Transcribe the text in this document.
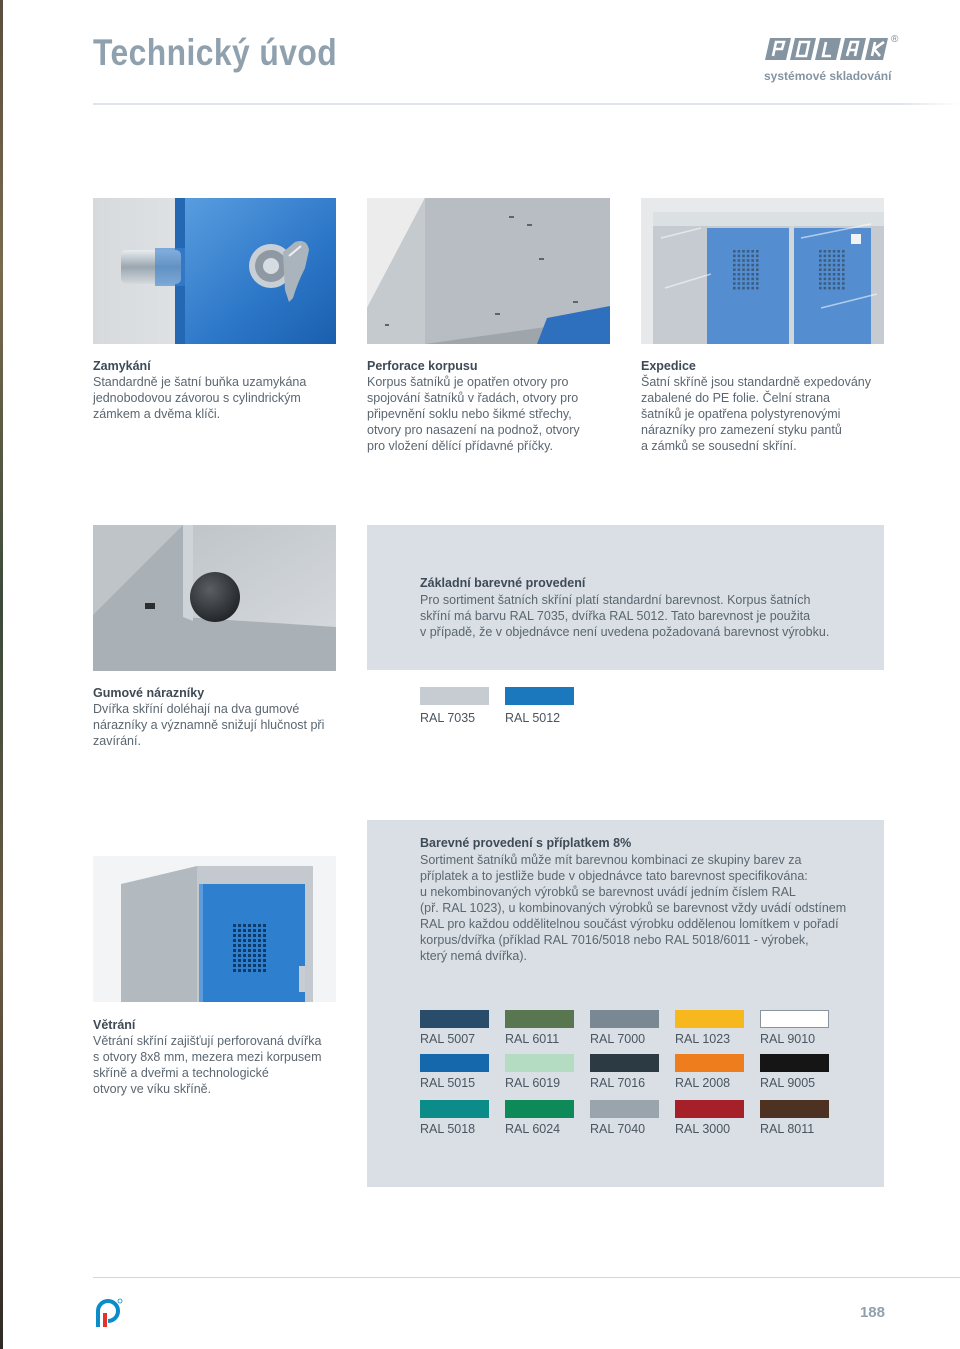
Technický úvod	®
systémové skladování
Zamykání
Standardně je šatní buňka uzamykána
jednobodovou závorou s cylindrickým
zámkem a dvěma klíči.
Perforace korpusu
Korpus šatníků je opatřen otvory pro
spojování šatníků v řadách, otvory pro
připevnění soklu nebo šikmé střechy,
otvory pro nasazení na podnož, otvory
pro vložení dělící přídavné příčky.
Expedice
Šatní skříně jsou standardně expedovány
zabalené do PE folie. Čelní strana
šatníků je opatřena polystyrenovými
nárazníky pro zamezení styku pantů
a zámků se sousední skříní.
Gumové nárazníky
Dvířka skříní doléhají na dva gumové
nárazníky a významně snižují hlučnost při
zavírání.
Základní barevné provedení
Pro sortiment šatních skříní platí standardní barevnost. Korpus šatních
skříní má barvu RAL 7035, dvířka RAL 5012. Tato barevnost je použita
v případě, že v objednávce není uvedena požadovaná barevnost výrobku.
RAL 7035 RAL 5012
Větrání
Větrání skříní zajišťují perforovaná dvířka
s otvory 8x8 mm, mezera mezi korpusem
skříně a dveřmi a technologické
otvory ve víku skříně.
Barevné provedení s příplatkem 8%
Sortiment šatníků může mít barevnou kombinaci ze skupiny barev za
příplatek a to jestliže bude v objednávce tato barevnost specifikována:
u nekombinovaných výrobků se barevnost uvádí jedním číslem RAL
(př. RAL 1023), u kombinovaných výrobků se barevnost vždy uvádí odstínem
RAL pro každou oddělitelnou součást výrobku oddělenou lomítkem v pořadí
korpus/dvířka (příklad RAL 7016/5018 nebo RAL 5018/6011 - výrobek,
který nemá dvířka).
RAL 5007 RAL 6011 RAL 7000 RAL 1023 RAL 9010
RAL 5015 RAL 6019 RAL 7016 RAL 2008 RAL 9005
RAL 5018 RAL 6024 RAL 7040 RAL 3000 RAL 8011
188
